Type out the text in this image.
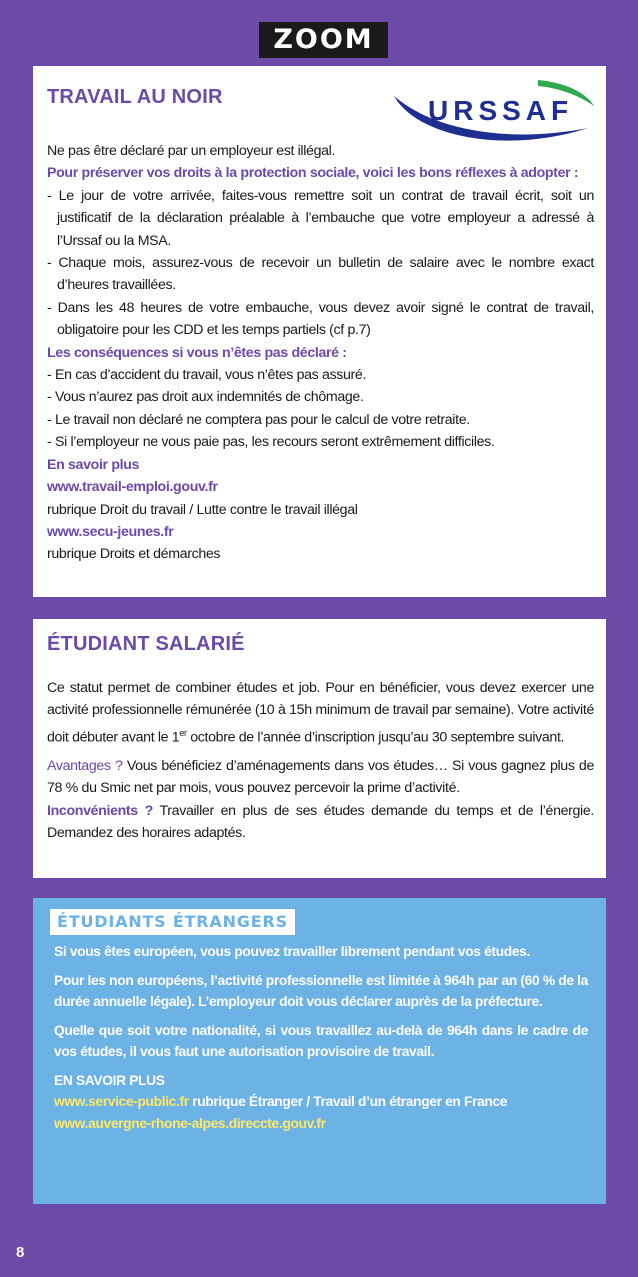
ZOOM
TRAVAIL AU NOIR	URSSAF
Ne pas être déclaré par un employeur est illégal.
Pour préserver vos droits à la protection sociale, voici les bons réflexes à adopter :
- Le jour de votre arrivée, faites-vous remettre soit un contrat de travail écrit, soit un justificatif de la déclaration préalable à l’embauche que votre employeur a adressé à l’Urssaf ou la MSA.
- Chaque mois, assurez-vous de recevoir un bulletin de salaire avec le nombre exact d’heures travaillées.
- Dans les 48 heures de votre embauche, vous devez avoir signé le contrat de travail, obligatoire pour les CDD et les temps partiels (cf p.7)
Les conséquences si vous n’êtes pas déclaré :
- En cas d’accident du travail, vous n’êtes pas assuré.
- Vous n’aurez pas droit aux indemnités de chômage.
- Le travail non déclaré ne comptera pas pour le calcul de votre retraite.
- Si l’employeur ne vous paie pas, les recours seront extrêmement difficiles.
En savoir plus
www.travail-emploi.gouv.fr
rubrique Droit du travail / Lutte contre le travail illégal
www.secu-jeunes.fr
rubrique Droits et démarches
ÉTUDIANT SALARIÉ

Ce statut permet de combiner études et job. Pour en bénéficier, vous devez exercer une activité professionnelle rémunérée (10 à 15h minimum de travail par semaine). Votre activité doit débuter avant le 1er octobre de l’année d’inscription jusqu’au 30 septembre suivant.

Avantages ? Vous bénéficiez d’aménagements dans vos études… Si vous gagnez plus de 78 % du Smic net par mois, vous pouvez percevoir la prime d’activité.

Inconvénients ? Travailler en plus de ses études demande du temps et de l’énergie. Demandez des horaires adaptés.

ÉTUDIANTS ÉTRANGERS

Si vous êtes européen, vous pouvez travailler librement pendant vos études.

Pour les non européens, l’activité professionnelle est limitée à 964h par an (60 % de la durée annuelle légale). L’employeur doit vous déclarer auprès de la préfecture.

Quelle que soit votre nationalité, si vous travaillez au-delà de 964h dans le cadre de vos études, il vous faut une autorisation provisoire de travail.

EN SAVOIR PLUS
www.service-public.fr rubrique Étranger / Travail d’un étranger en France
www.auvergne-rhone-alpes.direccte.gouv.fr
8
